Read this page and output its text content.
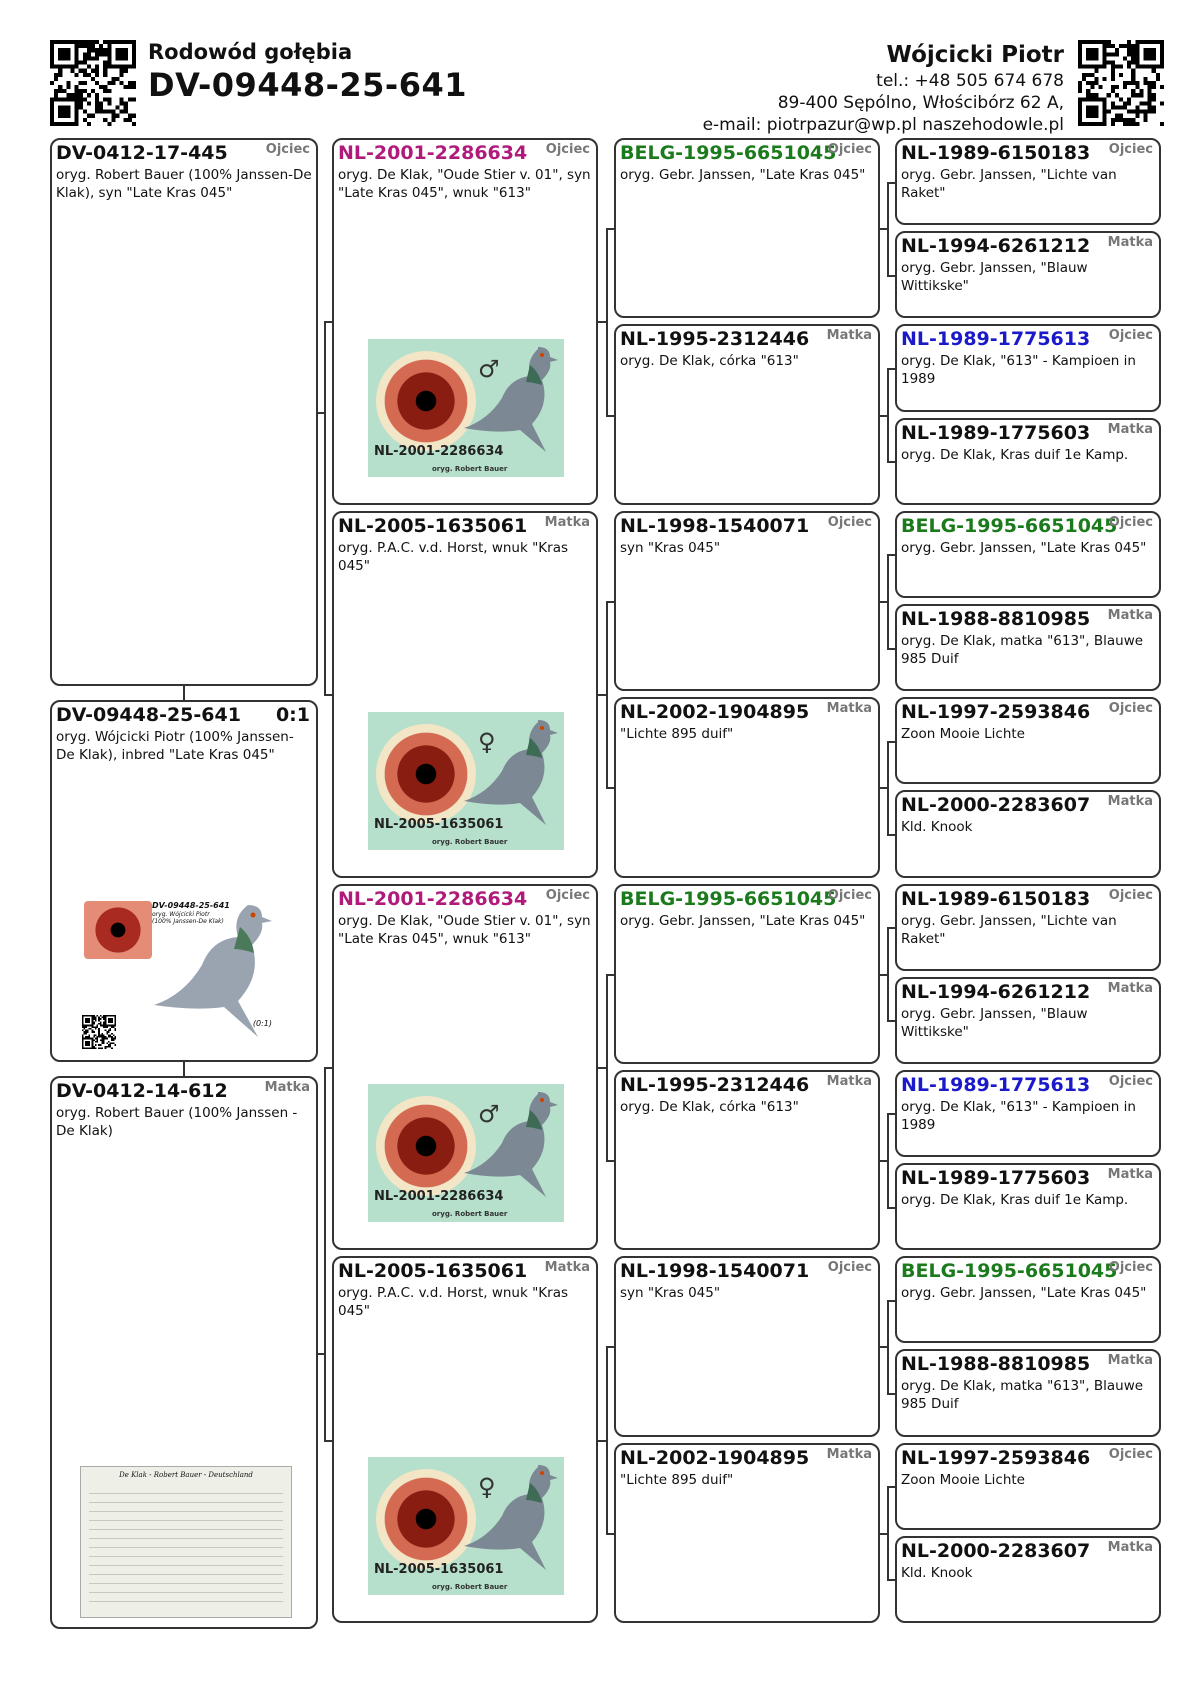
Rodowód gołębia
DV-09448-25-641
Wójcicki Piotr
tel.: +48 505 674 678
89-400 Sępólno, Włościbórz 62 A,
e-mail: piotrpazur@wp.pl naszehodowle.pl
DV-0412-17-445	Ojciec
oryg. Robert Bauer (100% Janssen-De Klak), syn "Late Kras 045"
DV-09448-25-641 0:1
oryg. Wójcicki Piotr (100% Janssen-De Klak), inbred "Late Kras 045"
DV-09448-25-641
oryg. Wójcicki Piotr
(100% Janssen-De Klak)
(0:1)
DV-0412-14-612	Matka
oryg. Robert Bauer (100% Janssen - De Klak)
De Klak - Robert Bauer - Deutschland
NL-1989-6150183 Ojciec
oryg. Gebr. Janssen, "Lichte van Raket"
NL-1994-6261212 Matka
oryg. Gebr. Janssen, "Blauw Wittikske"
NL-1989-1775613 Ojciec
oryg. De Klak, "613" - Kampioen in 1989
NL-1989-1775603 Matka
oryg. De Klak, Kras duif 1e Kamp.
BELG-1995-6651045
Ojciec
oryg. Gebr. Janssen, "Late Kras 045"
NL-1988-8810985 Matka
oryg. De Klak, matka "613", Blauwe 985 Duif
NL-1997-2593846 Ojciec
Zoon Mooie Lichte
NL-2000-2283607 Matka
Kld. Knook
NL-1989-6150183 Ojciec
oryg. Gebr. Janssen, "Lichte van Raket"
NL-1994-6261212 Matka
oryg. Gebr. Janssen, "Blauw Wittikske"
NL-1989-1775613 Ojciec
oryg. De Klak, "613" - Kampioen in 1989
NL-1989-1775603 Matka
oryg. De Klak, Kras duif 1e Kamp.
BELG-1995-6651045
Ojciec
oryg. Gebr. Janssen, "Late Kras 045"
NL-1988-8810985 Matka
oryg. De Klak, matka "613", Blauwe 985 Duif
NL-1997-2593846 Ojciec
Zoon Mooie Lichte
NL-2000-2283607 Matka
Kld. Knook
BELG-1995-6651045
Ojciec
oryg. Gebr. Janssen, "Late Kras 045"
NL-1995-2312446 Matka
oryg. De Klak, córka "613"
NL-1998-1540071 Ojciec
syn "Kras 045"
NL-2002-1904895 Matka
"Lichte 895 duif"
BELG-1995-6651045
Ojciec
oryg. Gebr. Janssen, "Late Kras 045"
NL-1995-2312446 Matka
oryg. De Klak, córka "613"
NL-1998-1540071 Ojciec
syn "Kras 045"
NL-2002-1904895 Matka
"Lichte 895 duif"
NL-2001-2286634 Ojciec
oryg. De Klak, "Oude Stier v. 01", syn "Late Kras 045", wnuk "613"
♂
NL-2001-2286634
oryg. Robert Bauer
NL-2005-1635061 Matka
oryg. P.A.C. v.d. Horst, wnuk "Kras 045"
♀
NL-2005-1635061
oryg. Robert Bauer
NL-2001-2286634 Ojciec
oryg. De Klak, "Oude Stier v. 01", syn "Late Kras 045", wnuk "613"
♂
NL-2001-2286634
oryg. Robert Bauer
NL-2005-1635061 Matka
oryg. P.A.C. v.d. Horst, wnuk "Kras 045"
♀
NL-2005-1635061
oryg. Robert Bauer
